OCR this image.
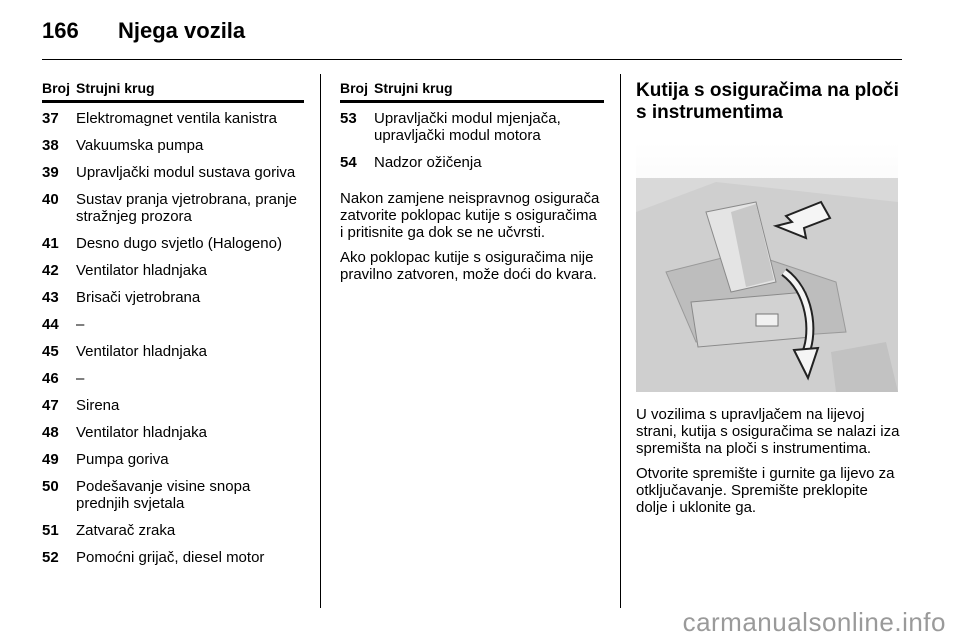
166 Njega vozila
Broj Strujni krug
37	Elektromagnet ventila kanistra
38	Vakuumska pumpa
39	Upravljački modul sustava goriva
40	Sustav pranja vjetrobrana, pranje stražnjeg prozora
41	Desno dugo svjetlo (Halogeno)
42	Ventilator hladnjaka
43	Brisači vjetrobrana
44	–
45	Ventilator hladnjaka
46	–
47	Sirena
48	Ventilator hladnjaka
49	Pumpa goriva
50	Podešavanje visine snopa prednjih svjetala
51	Zatvarač zraka
52	Pomoćni grijač, diesel motor
Broj Strujni krug
53	Upravljački modul mjenjača, upravljački modul motora
54	Nadzor ožičenja

Nakon zamjene neispravnog osigurača zatvorite poklopac kutije s osiguračima i pritisnite ga dok se ne učvrsti.

Ako poklopac kutije s osiguračima nije pravilno zatvoren, može doći do kvara.

Kutija s osiguračima na ploči s instrumentima

U vozilima s upravljačem na lijevoj strani, kutija s osiguračima se nalazi iza spremišta na ploči s instrumentima.

Otvorite spremište i gurnite ga lijevo za otključavanje. Spremište preklopite dolje i uklonite ga.

carmanualsonline.info
